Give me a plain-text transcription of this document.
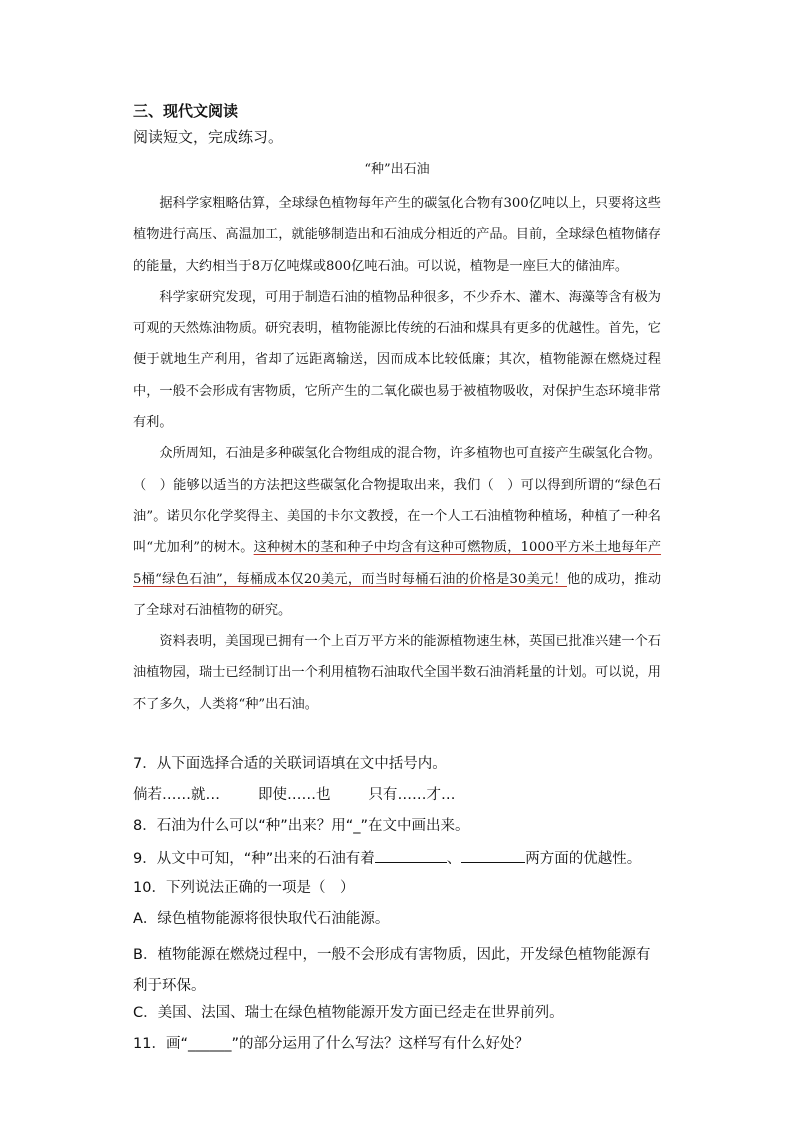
三、现代文阅读
阅读短文，完成练习。
“种”出石油

据科学家粗略估算，全球绿色植物每年产生的碳氢化合物有300亿吨以上，只要将这些植物进行高压、高温加工，就能够制造出和石油成分相近的产品。目前，全球绿色植物储存的能量，大约相当于8万亿吨煤或800亿吨石油。可以说，植物是一座巨大的储油库。

科学家研究发现，可用于制造石油的植物品种很多，不少乔木、灌木、海藻等含有极为可观的天然炼油物质。研究表明，植物能源比传统的石油和煤具有更多的优越性。首先，它便于就地生产利用，省却了远距离输送，因而成本比较低廉；其次，植物能源在燃烧过程中，一般不会形成有害物质，它所产生的二氧化碳也易于被植物吸收，对保护生态环境非常有利。

众所周知，石油是多种碳氢化合物组成的混合物，许多植物也可直接产生碳氢化合物。（　）能够以适当的方法把这些碳氢化合物提取出来，我们（　）可以得到所谓的“绿色石油”。诺贝尔化学奖得主、美国的卡尔文教授，在一个人工石油植物种植场，种植了一种名叫“尤加利”的树木。这种树木的茎和种子中均含有这种可燃物质，1000平方米土地每年产5桶“绿色石油”，每桶成本仅20美元，而当时每桶石油的价格是30美元！他的成功，推动了全球对石油植物的研究。

资料表明，美国现已拥有一个上百万平方米的能源植物速生林，英国已批准兴建一个石油植物园，瑞士已经制订出一个利用植物石油取代全国半数石油消耗量的计划。可以说，用不了多久，人类将“种”出石油。

7．从下面选择合适的关联词语填在文中括号内。
倘若……就…	即使……也	只有……才…
8．石油为什么可以“种”出来？用“_”在文中画出来。
9．从文中可知，“种”出来的石油有着	、	两方面的优越性。
10．下列说法正确的一项是（　）
A．绿色植物能源将很快取代石油能源。
B．植物能源在燃烧过程中，一般不会形成有害物质，因此，开发绿色植物能源有利于环保。
C．美国、法国、瑞士在绿色植物能源开发方面已经走在世界前列。
11．画“______”的部分运用了什么写法？这样写有什么好处？
